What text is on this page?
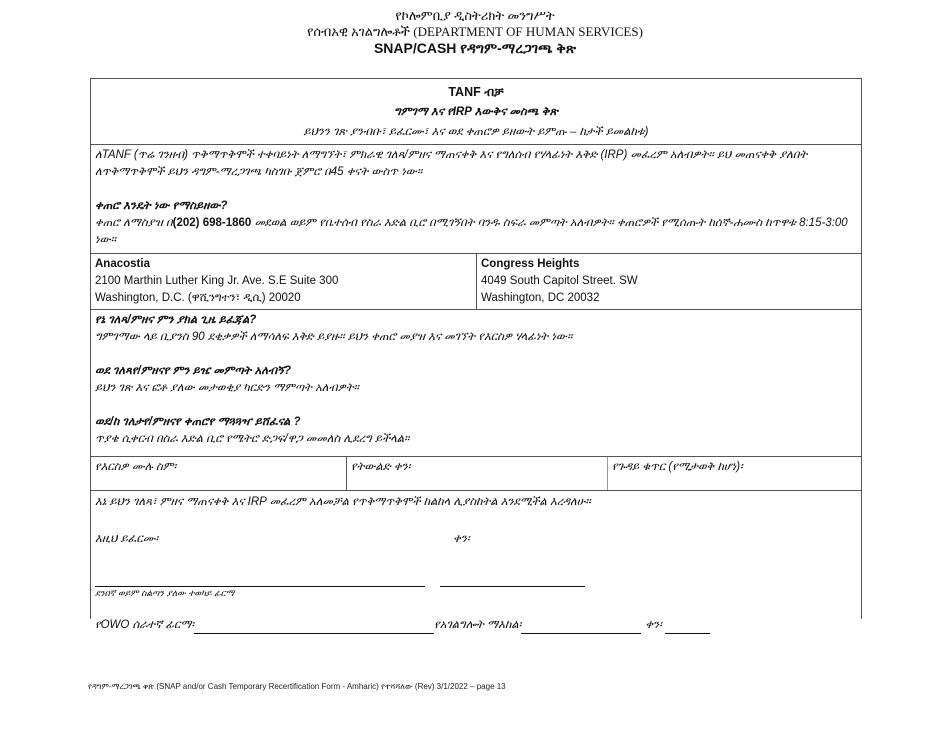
የኮሎምቢያ ዲስትሪክት መንግሥት
የሰብአዊ አገልግሎቶች (DEPARTMENT OF HUMAN SERVICES)
SNAP/CASH የዳግም-ማረጋገጫ ቅጽ
TANF ብቻ
ግምገማ እና የIRP እውቅና መስጫ ቅጽ
ይህንን ገጽ ያንብቡ፣ ይፈርሙ፣ እና ወደ ቀጠሮዎ ይዘውት ይምጡ – ከታች ይመልከቱ)

ለTANF (ጥሬ ገንዘብ) ጥቅማጥቅሞች ተቀባይነት ለማግኘት፣ ምክራዊ ገለጻ/ምዘና ማጠናቀቅ እና የግለሰብ የሃላፊነት እቅድ (IRP) መፈረም አለብዎት። ይህ መጠናቀቅ ያለበት ለጥቅማጥቅሞች ይህን ዳግም-ማረጋገጫ ካስገቡ ጀምሮ በ45 ቀናት ውስጥ ነው።

ቀጠሮ እንዴት ነው የማስይዘው?

ቀጠሮ ለማስያዝ በ(202) 698-1860 መደወል ወይም የቤተሰብ የስራ እድል ቢሮ በሚገኝበት ባንዱ ስፍራ መምጣት አለብዎት። ቀጠሮዎች የሚሰጡት ከሰኞ-ሐሙስ ከጥዋቱ 8:15-3:00 ነው።

Anacostia
2100 Marthin Luther King Jr. Ave. S.E Suite 300
Washington, D.C. (ዋሺንግተን፣ ዲሲ) 20020
Congress Heights
4049 South Capitol Street. SW
Washington, DC 20032

የኔ ገለጻ/ምዘና ምን ያክል ጊዜ ይፈጃል?

ግምገማው ላይ ቢያንስ 90 ደቂቃዎች ለማሳለፍ እቅድ ይያዙ። ይህን ቀጠሮ መያዝ እና መገኘት የእርስዎ ሃላፊነት ነው።

ወደ ገለጻየ/ምዘናየ ምን ይዤ መምጣት አለብኝ?

ይህን ገጽ እና ፎቶ ያለው መታወቂያ ካርድን ማምጣት አለብዎት።

ወደ/ከ ገለታየ/ምዘናየ ቀጠሮየ ማጓጓዣ ይሸፈናል ?

ጥያቄ ሲቀርብ በስራ እድል ቢሮ የሜትሮ ድጋፍ/ዋጋ መመለስ ሊደረግ ይችላል።

የእርስዎ ሙሉ ስም፡	የትውልድ ቀን፡	የጉዳይ ቁጥር (የሚታወቅ ከሆነ)፡

እኔ ይህን ገለጻ፣ ምዘና ማጠናቀቅ እና IRP መፈረም አለመቻል የጥቅማጥቅሞች ከልከላ ሊያስከትል እንደሚችል እረዳለሁ።

እዚህ ይፈርሙ፡	ቀን፡

ደንበኛ ወይም ስልጣን ያለው ተወካይ ፊርማ

የOWO ሰራተኛ ፊርማ፡	የአገልግሎት ማእከል፡	ቀን፡

የዳግም-ማረጋገጫ ቅጽ (SNAP and/or Cash Temporary Recertification Form - Amharic) የተሻሻለው (Rev) 3/1/2022 – page 13
